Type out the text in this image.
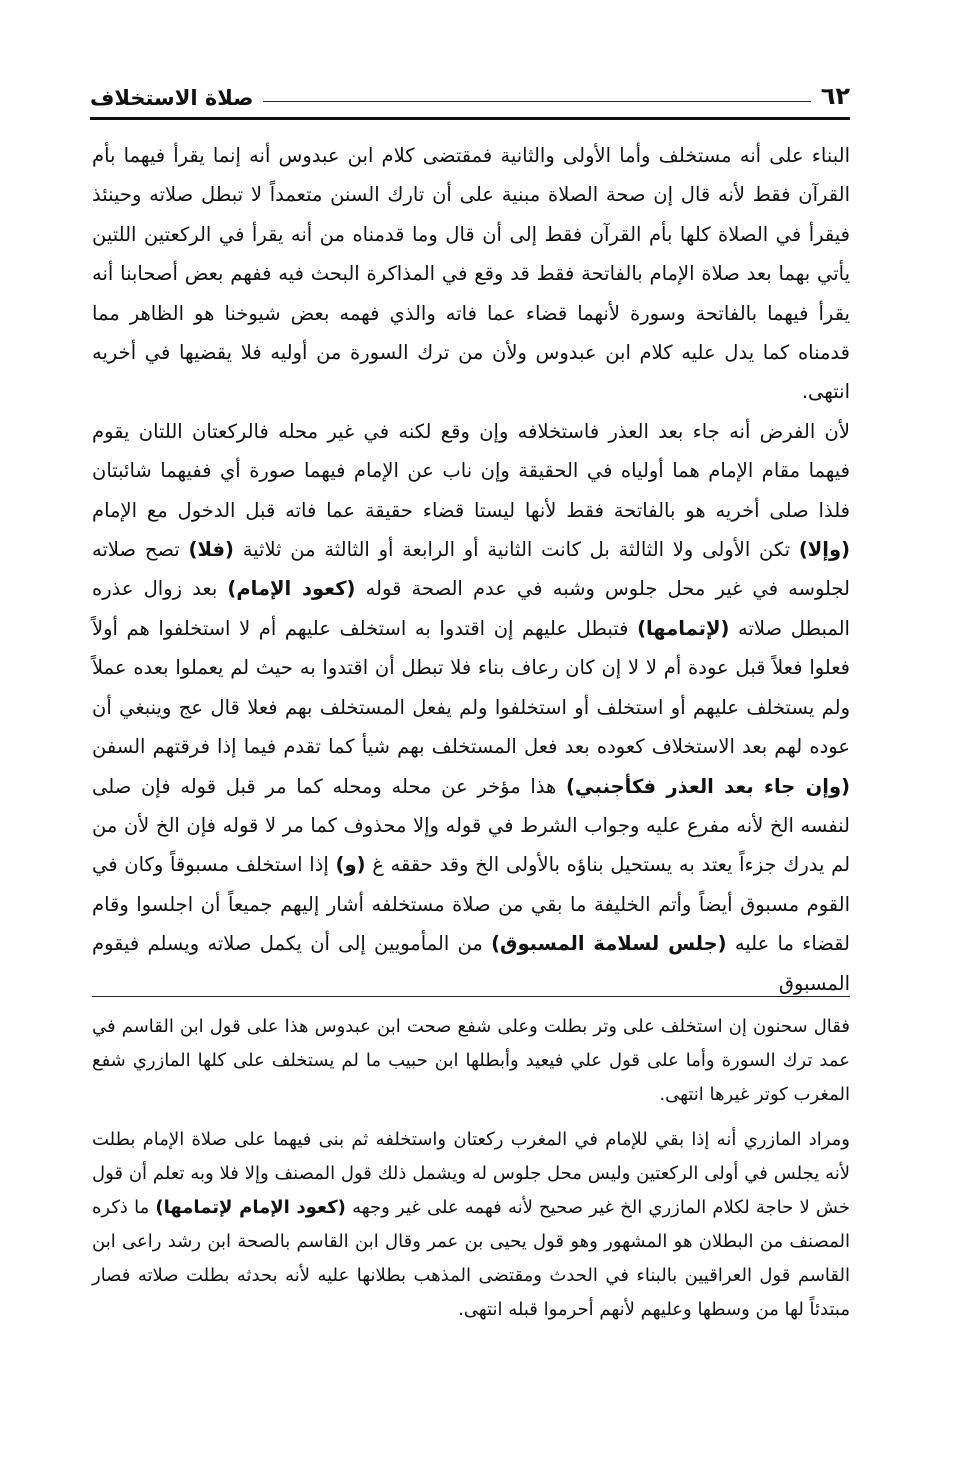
٦٢
صلاة الاستخلاف

البناء على أنه مستخلف وأما الأولى والثانية فمقتضى كلام ابن عبدوس أنه إنما يقرأ فيهما بأم القرآن فقط لأنه قال إن صحة الصلاة مبنية على أن تارك السنن متعمداً لا تبطل صلاته وحينئذ فيقرأ في الصلاة كلها بأم القرآن فقط إلى أن قال وما قدمناه من أنه يقرأ في الركعتين اللتين يأتي بهما بعد صلاة الإمام بالفاتحة فقط قد وقع في المذاكرة البحث فيه ففهم بعض أصحابنا أنه يقرأ فيهما بالفاتحة وسورة لأنهما قضاء عما فاته والذي فهمه بعض شيوخنا هو الظاهر مما قدمناه كما يدل عليه كلام ابن عبدوس ولأن من ترك السورة من أوليه فلا يقضيها في أخريه انتهى.

لأن الفرض أنه جاء بعد العذر فاستخلافه وإن وقع لكنه في غير محله فالركعتان اللتان يقوم فيهما مقام الإمام هما أولياه في الحقيقة وإن ناب عن الإمام فيهما صورة أي ففيهما شائبتان فلذا صلى أخريه هو بالفاتحة فقط لأنها ليستا قضاء حقيقة عما فاته قبل الدخول مع الإمام (وإلا) تكن الأولى ولا الثالثة بل كانت الثانية أو الرابعة أو الثالثة من ثلاثية (فلا) تصح صلاته لجلوسه في غير محل جلوس وشبه في عدم الصحة قوله (كعود الإمام) بعد زوال عذره المبطل صلاته (لإتمامها) فتبطل عليهم إن اقتدوا به استخلف عليهم أم لا استخلفوا هم أولاً فعلوا فعلاً قبل عودة أم لا لا إن كان رعاف بناء فلا تبطل أن اقتدوا به حيث لم يعملوا بعده عملاً ولم يستخلف عليهم أو استخلف أو استخلفوا ولم يفعل المستخلف بهم فعلا قال عج وينبغي أن عوده لهم بعد الاستخلاف كعوده بعد فعل المستخلف بهم شيأ كما تقدم فيما إذا فرقتهم السفن (وإن جاء بعد العذر فكأجنبي) هذا مؤخر عن محله ومحله كما مر قبل قوله فإن صلى لنفسه الخ لأنه مفرع عليه وجواب الشرط في قوله وإلا محذوف كما مر لا قوله فإن الخ لأن من لم يدرك جزءاً يعتد به يستحيل بناؤه بالأولى الخ وقد حققه غ (و) إذا استخلف مسبوقاً وكان في القوم مسبوق أيضاً وأتم الخليفة ما بقي من صلاة مستخلفه أشار إليهم جميعاً أن اجلسوا وقام لقضاء ما عليه (جلس لسلامة المسبوق) من المأمويين إلى أن يكمل صلاته ويسلم فيقوم المسبوق

فقال سحنون إن استخلف على وتر بطلت وعلى شفع صحت ابن عبدوس هذا على قول ابن القاسم في عمد ترك السورة وأما على قول علي فيعيد وأبطلها ابن حبيب ما لم يستخلف على كلها المازري شفع المغرب كوتر غيرها انتهى.

ومراد المازري أنه إذا بقي للإمام في المغرب ركعتان واستخلفه ثم بنى فيهما على صلاة الإمام بطلت لأنه يجلس في أولى الركعتين وليس محل جلوس له ويشمل ذلك قول المصنف وإلا فلا وبه تعلم أن قول خش لا حاجة لكلام المازري الخ غير صحيح لأنه فهمه على غير وجهه (كعود الإمام لإتمامها) ما ذكره المصنف من البطلان هو المشهور وهو قول يحيى بن عمر وقال ابن القاسم بالصحة ابن رشد راعى ابن القاسم قول العراقيين بالبناء في الحدث ومقتضى المذهب بطلانها عليه لأنه بحدثه بطلت صلاته فصار مبتدئاً لها من وسطها وعليهم لأنهم أحرموا قبله انتهى.
